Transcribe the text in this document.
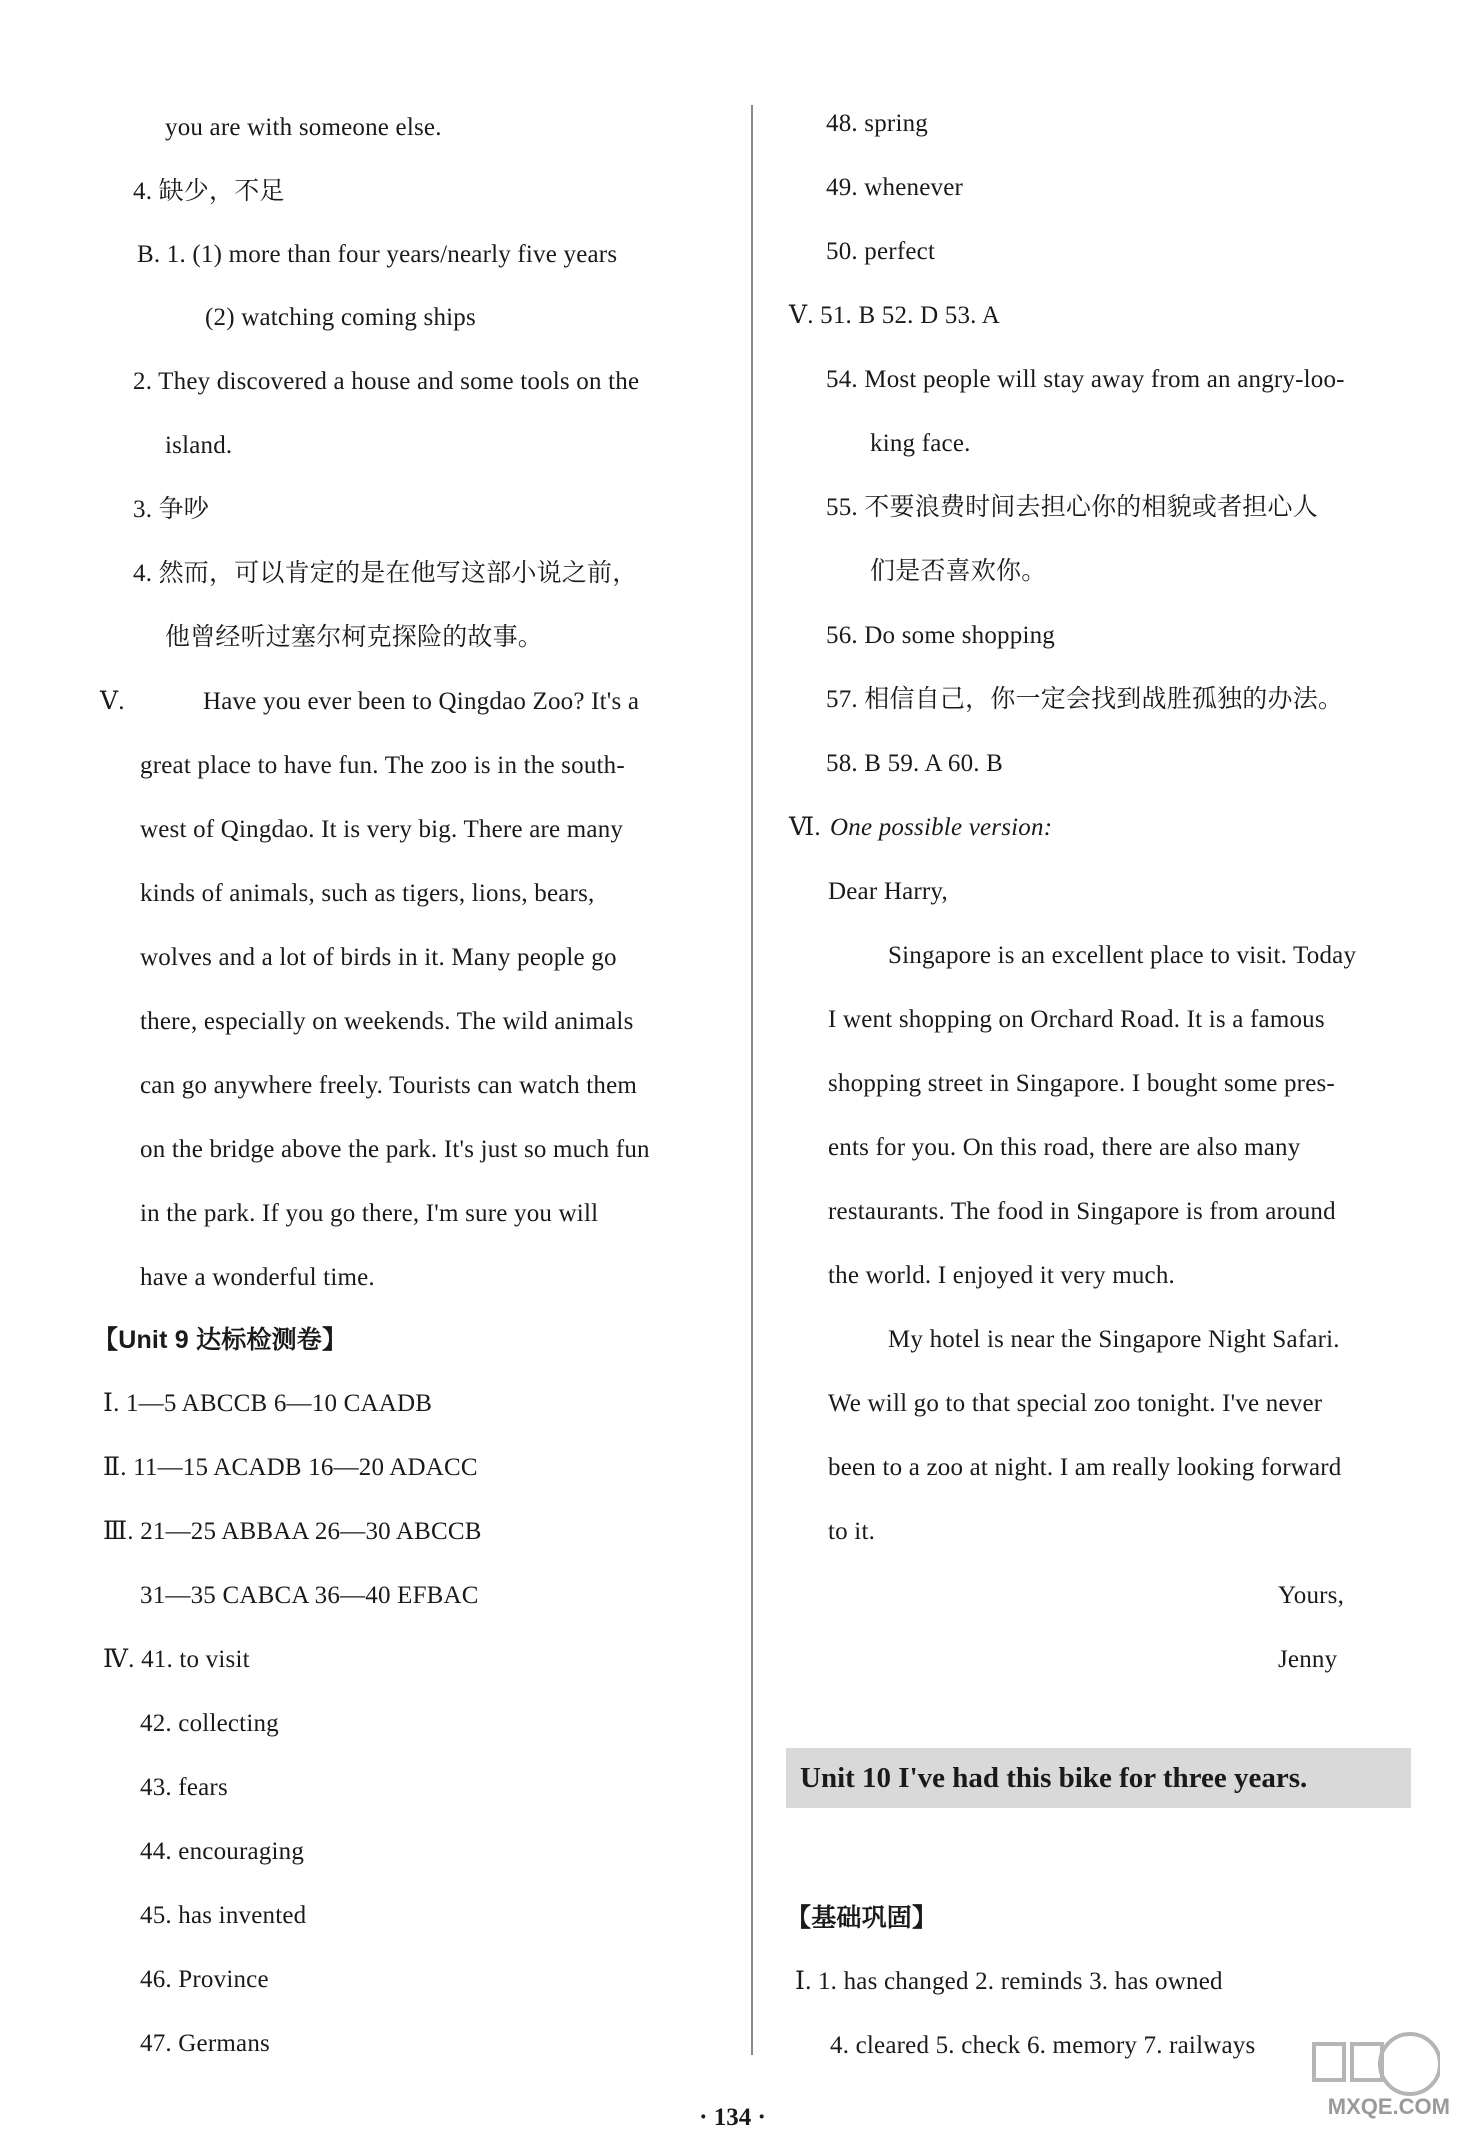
you are with someone else.
4. 缺少，不足
B. 1. (1) more than four years/nearly five years
(2) watching coming ships
2. They discovered a house and some tools on the
island.
3. 争吵
4. 然而，可以肯定的是在他写这部小说之前，
他曾经听过塞尔柯克探险的故事。
Ⅴ.	Have you ever been to Qingdao Zoo? It's a
great place to have fun. The zoo is in the south-
west of Qingdao. It is very big. There are many
kinds of animals, such as tigers, lions, bears,
wolves and a lot of birds in it. Many people go
there, especially on weekends. The wild animals
can go anywhere freely. Tourists can watch them
on the bridge above the park. It's just so much fun
in the park. If you go there, I'm sure you will
have a wonderful time.
【Unit 9 达标检测卷】
Ⅰ. 1—5 ABCCB 6—10 CAADB
Ⅱ. 11—15 ACADB 16—20 ADACC
Ⅲ. 21—25 ABBAA 26—30 ABCCB
31—35 CABCA 36—40 EFBAC
Ⅳ. 41. to visit
42. collecting
43. fears
44. encouraging
45. has invented
46. Province
47. Germans
48. spring
49. whenever
50. perfect
Ⅴ. 51. B 52. D 53. A
54. Most people will stay away from an angry-loo-
king face.
55. 不要浪费时间去担心你的相貌或者担心人
们是否喜欢你。
56. Do some shopping
57. 相信自己，你一定会找到战胜孤独的办法。
58. B 59. A 60. B
Ⅵ. One possible version:
Dear Harry,
Singapore is an excellent place to visit. Today
I went shopping on Orchard Road. It is a famous
shopping street in Singapore. I bought some pres-
ents for you. On this road, there are also many
restaurants. The food in Singapore is from around
the world. I enjoyed it very much.
My hotel is near the Singapore Night Safari.
We will go to that special zoo tonight. I've never
been to a zoo at night. I am really looking forward
to it.
Yours,
Jenny
Unit 10 I've had this bike for three years.
【基础巩固】
Ⅰ. 1. has changed 2. reminds 3. has owned
4. cleared 5. check 6. memory 7. railways
· 134 ·	MXQE.COM
